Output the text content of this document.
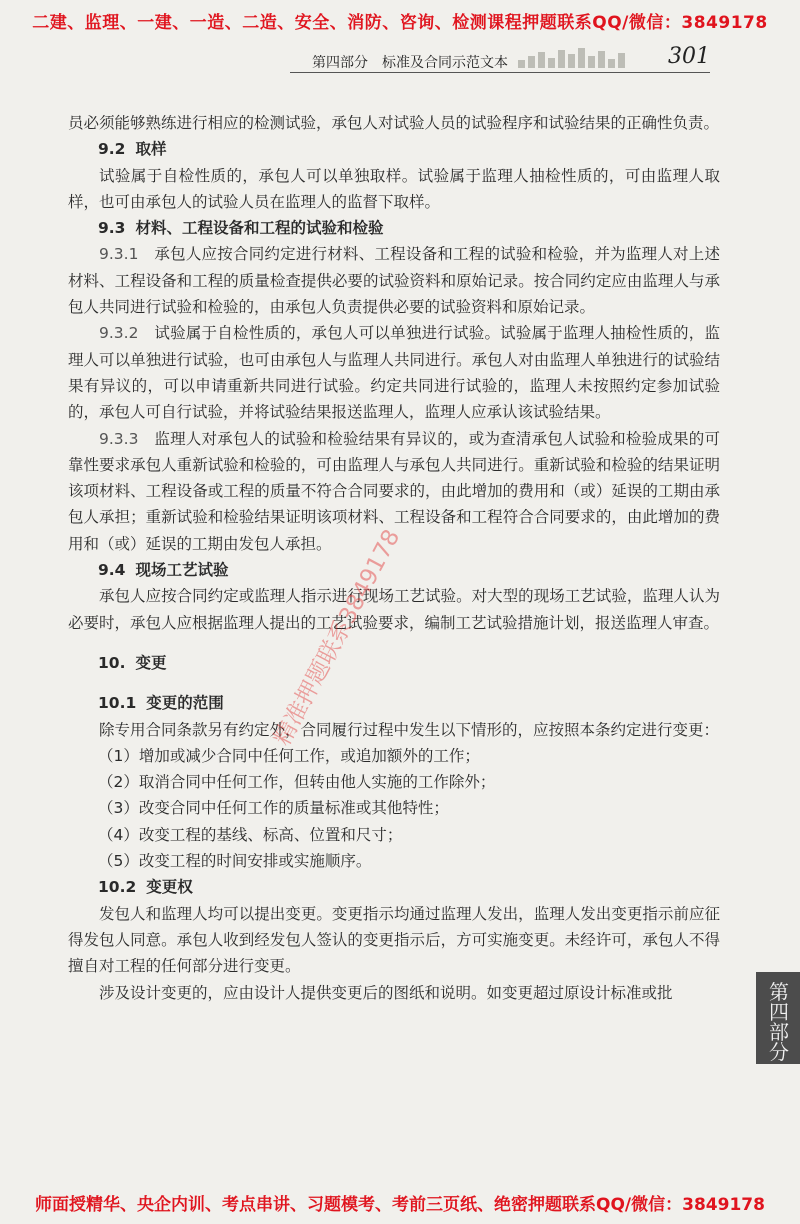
二建、监理、一建、一造、二造、安全、消防、咨询、检测课程押题联系QQ/微信：3849178
第四部分　标准及合同示范文本	301

员必须能够熟练进行相应的检测试验，承包人对试验人员的试验程序和试验结果的正确性负责。

9.2 取样

试验属于自检性质的，承包人可以单独取样。试验属于监理人抽检性质的，可由监理人取样，也可由承包人的试验人员在监理人的监督下取样。

9.3 材料、工程设备和工程的试验和检验

9.3.1　 承包人应按合同约定进行材料、工程设备和工程的试验和检验，并为监理人对上述材料、工程设备和工程的质量检查提供必要的试验资料和原始记录。按合同约定应由监理人与承包人共同进行试验和检验的，由承包人负责提供必要的试验资料和原始记录。

9.3.2　 试验属于自检性质的，承包人可以单独进行试验。试验属于监理人抽检性质的，监理人可以单独进行试验，也可由承包人与监理人共同进行。承包人对由监理人单独进行的试验结果有异议的，可以申请重新共同进行试验。约定共同进行试验的，监理人未按照约定参加试验的，承包人可自行试验，并将试验结果报送监理人，监理人应承认该试验结果。

9.3.3　 监理人对承包人的试验和检验结果有异议的，或为查清承包人试验和检验成果的可靠性要求承包人重新试验和检验的，可由监理人与承包人共同进行。重新试验和检验的结果证明该项材料、工程设备或工程的质量不符合合同要求的，由此增加的费用和（或）延误的工期由承包人承担；重新试验和检验结果证明该项材料、工程设备和工程符合合同要求的，由此增加的费用和（或）延误的工期由发包人承担。

9.4 现场工艺试验

承包人应按合同约定或监理人指示进行现场工艺试验。对大型的现场工艺试验，监理人认为必要时，承包人应根据监理人提出的工艺试验要求，编制工艺试验措施计划，报送监理人审查。

10. 变更

10.1 变更的范围

除专用合同条款另有约定外，合同履行过程中发生以下情形的，应按照本条约定进行变更：

（1）增加或减少合同中任何工作，或追加额外的工作；

（2）取消合同中任何工作，但转由他人实施的工作除外；

（3）改变合同中任何工作的质量标准或其他特性；

（4）改变工程的基线、标高、位置和尺寸；

（5）改变工程的时间安排或实施顺序。

10.2 变更权

发包人和监理人均可以提出变更。变更指示均通过监理人发出，监理人发出变更指示前应征得发包人同意。承包人收到经发包人签认的变更指示后，方可实施变更。未经许可，承包人不得擅自对工程的任何部分进行变更。

涉及设计变更的，应由设计人提供变更后的图纸和说明。如变更超过原设计标准或批

精准押题联系3849178
第四部分
师面授精华、央企内训、考点串讲、习题模考、考前三页纸、绝密押题联系QQ/微信：3849178
